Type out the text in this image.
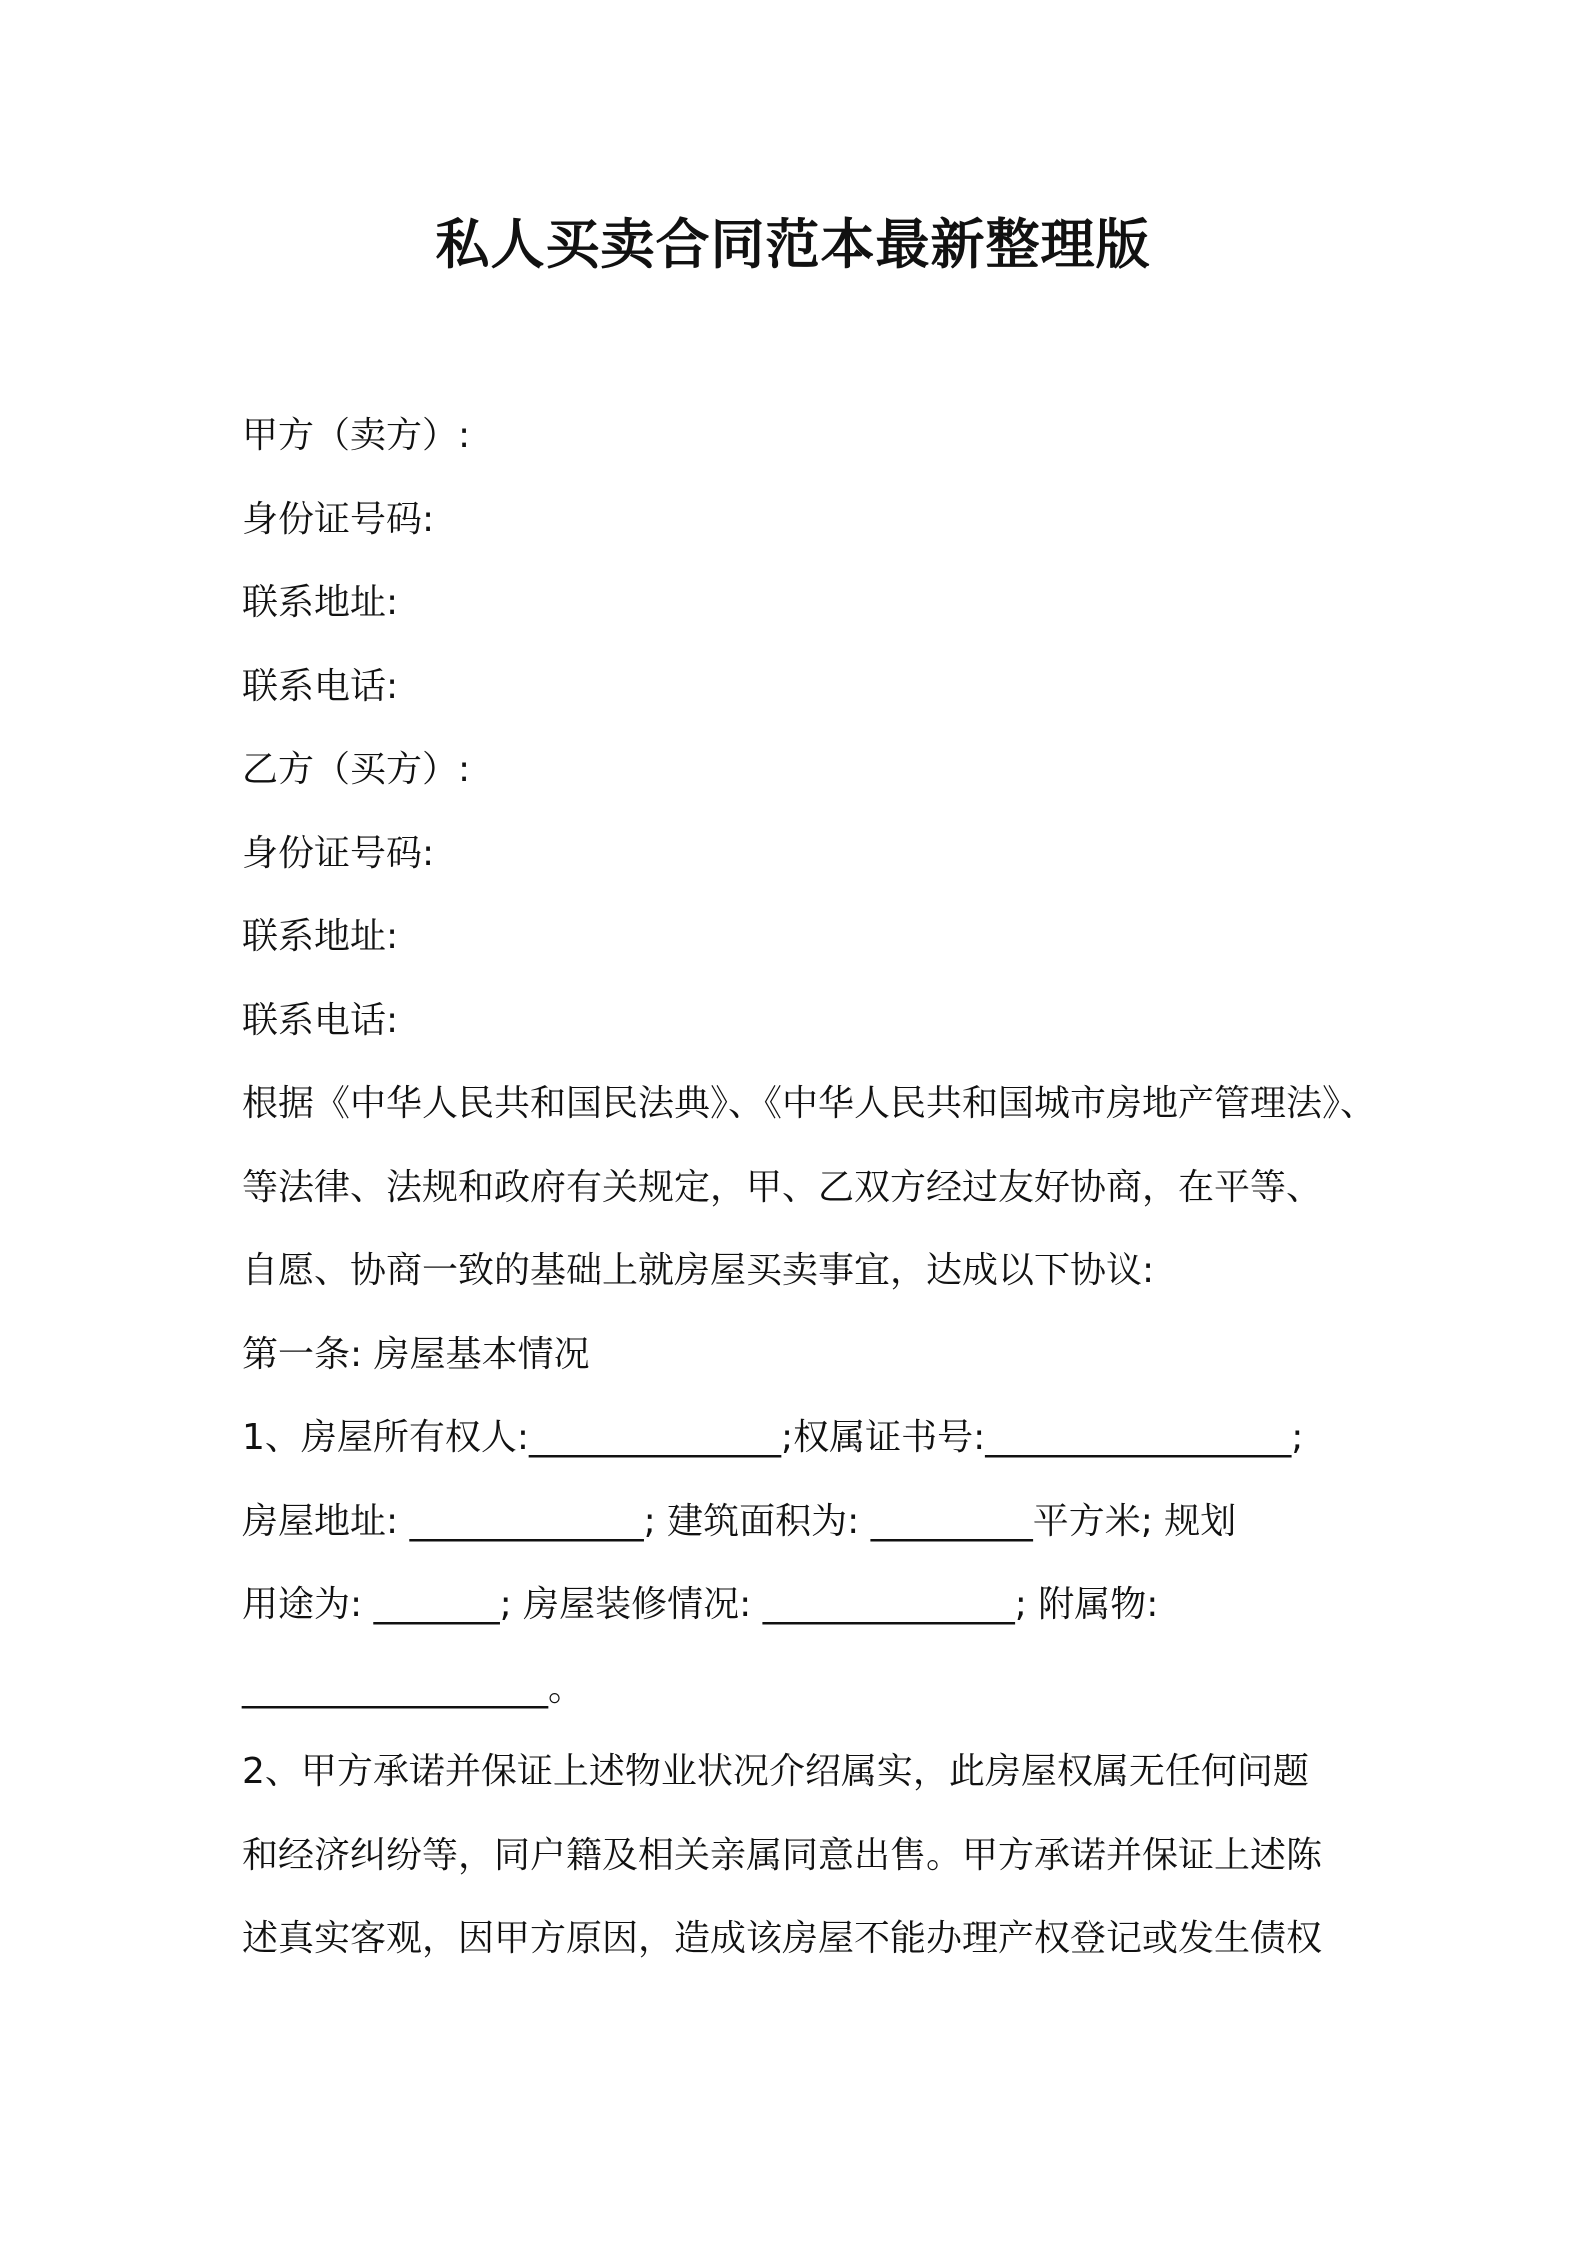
私人买卖合同范本最新整理版
甲方（卖方）:
身份证号码:
联系地址:
联系电话:
乙方（买方）:
身份证号码:
联系地址:
联系电话:
根据《中华人民共和国民法典》、《中华人民共和国城市房地产管理法》、
等法律、法规和政府有关规定，甲、乙双方经过友好协商，在平等、
自愿、协商一致的基础上就房屋买卖事宜，达成以下协议:
第一条: 房屋基本情况
1、房屋所有权人:______________;权属证书号:_________________;
房屋地址: _____________; 建筑面积为: _________平方米; 规划
用途为: _______; 房屋装修情况: ______________; 附属物:
_________________。
2、甲方承诺并保证上述物业状况介绍属实，此房屋权属无任何问题
和经济纠纷等，同户籍及相关亲属同意出售。甲方承诺并保证上述陈
述真实客观，因甲方原因，造成该房屋不能办理产权登记或发生债权
